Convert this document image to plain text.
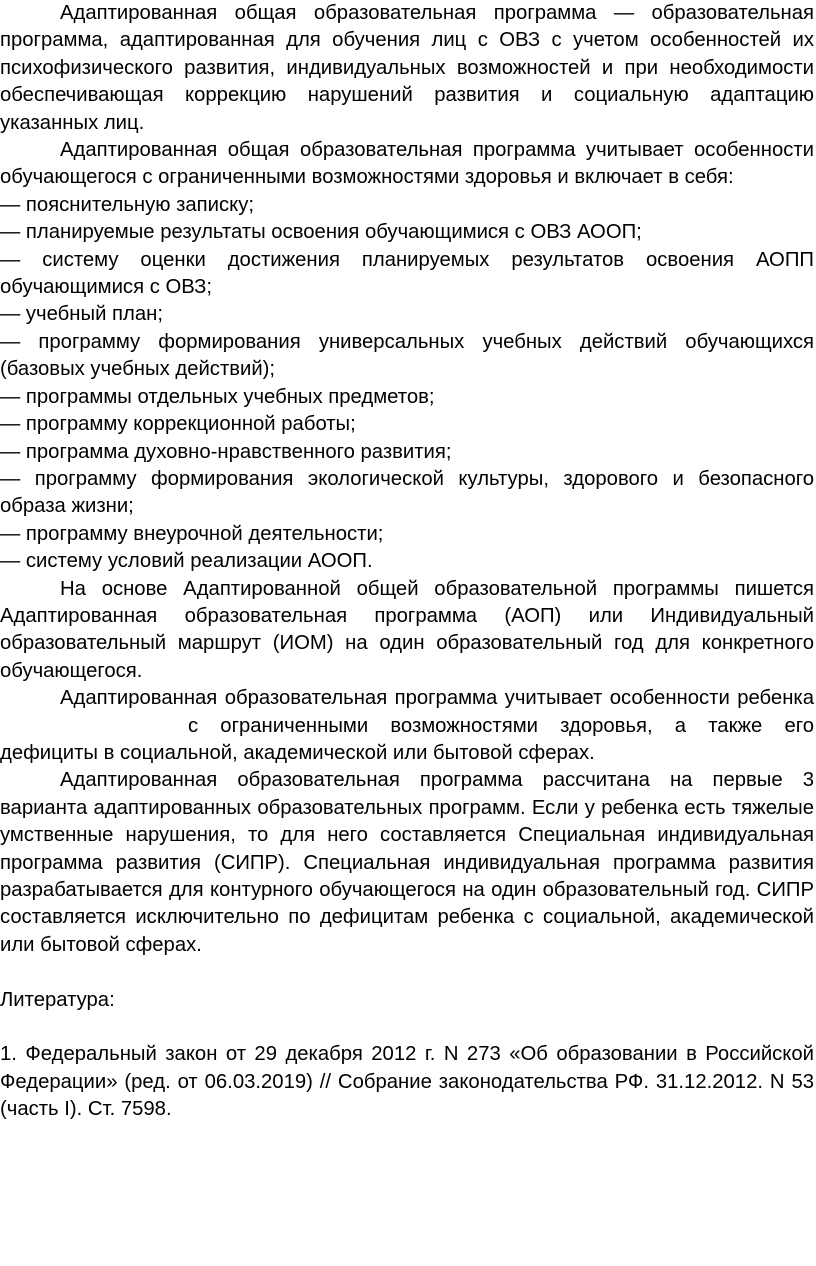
Адаптированная общая образовательная программа — образовательная программа, адаптированная для обучения лиц с ОВЗ с учетом особенностей их психофизического развития, индивидуальных возможностей и при необходимости обеспечивающая коррекцию нарушений развития и социальную адаптацию указанных лиц.

Адаптированная общая образовательная программа учитывает особенности обучающегося с ограниченными возможностями здоровья и включает в себя:

— пояснительную записку;

— планируемые результаты освоения обучающимися с ОВЗ АООП;

— систему оценки достижения планируемых результатов освоения АОПП обучающимися с ОВЗ;

— учебный план;

— программу формирования универсальных учебных действий обучающихся (базовых учебных действий);

— программы отдельных учебных предметов;

— программу коррекционной работы;

— программа духовно-нравственного развития;

— программу формирования экологической культуры, здорового и безопасного образа жизни;

— программу внеурочной деятельности;

— систему условий реализации АООП.

На основе Адаптированной общей образовательной программы пишется Адаптированная образовательная программа (АОП) или Индивидуальный образовательный маршрут (ИОМ) на один образовательный год для конкретного обучающегося.

Адаптированная образовательная программа учитывает особенности ребенкас ограниченными возможностями здоровья, а также его дефициты в социальной, академической или бытовой сферах.

Адаптированная образовательная программа рассчитана на первые 3 варианта адаптированных образовательных программ. Если у ребенка есть тяжелые умственные нарушения, то для него составляется Специальная индивидуальная программа развития (СИПР). Специальная индивидуальная программа развития разрабатывается для контурного обучающегося на один образовательный год. СИПР составляется исключительно по дефицитам ребенка с социальной, академической или бытовой сферах.

Литература:

1. Федеральный закон от 29 декабря 2012 г. N 273 «Об образовании в Российской Федерации» (ред. от 06.03.2019) // Собрание законодательства РФ. 31.12.2012. N 53 (часть I). Ст. 7598.
